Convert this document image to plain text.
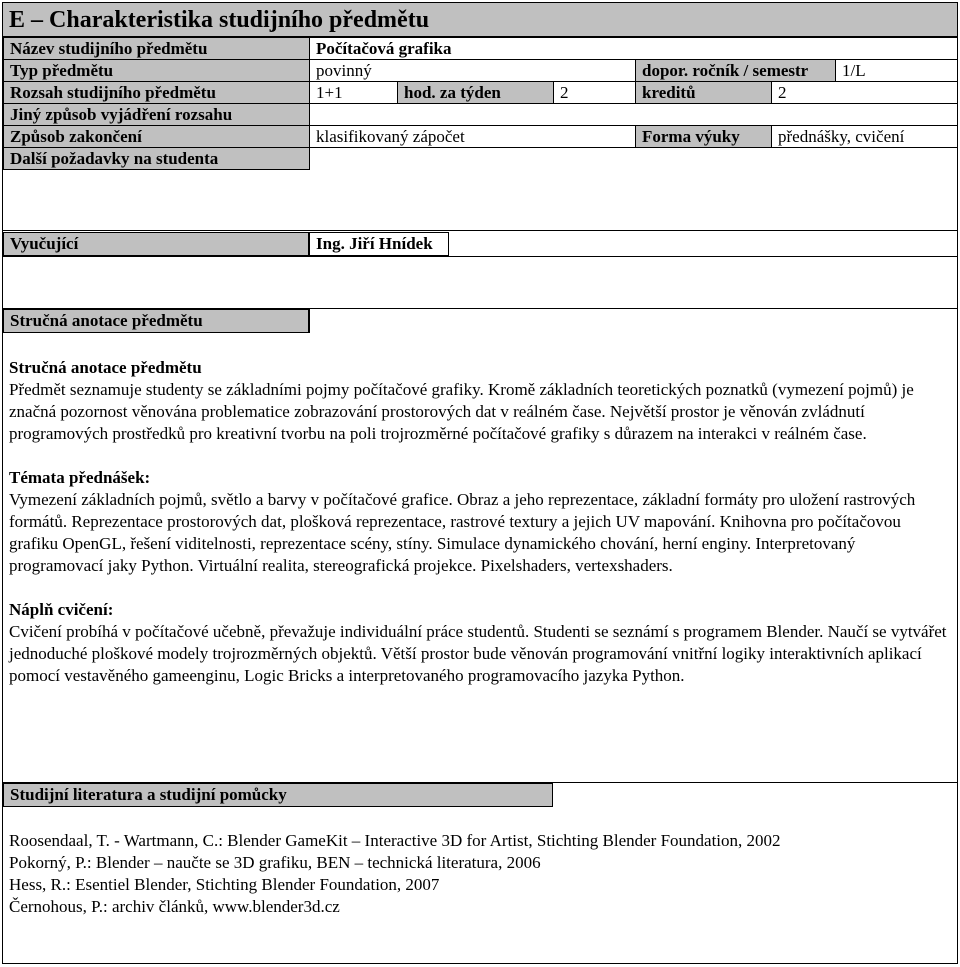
E – Charakteristika studijního předmětu
Název studijního předmětu	Počítačová grafika					
Typ předmětu	povinný			dopor. ročník / semestr		1/L
Rozsah studijního předmětu	1+1	hod. za týden	2	kreditů	2	
Jiný způsob vyjádření rozsahu						
Způsob zakončení	klasifikovaný zápočet			Forma výuky	přednášky, cvičení	
Další požadavky na studenta						
Vyučující	Ing. Jiří Hnídek
Stručná anotace předmětu

Stručná anotace předmětu

Předmět seznamuje studenty se základními pojmy počítačové grafiky. Kromě základních teoretických poznatků (vymezení pojmů) je značná pozornost věnována problematice zobrazování prostorových dat v reálném čase. Největší prostor je věnován zvládnutí programových prostředků pro kreativní tvorbu na poli trojrozměrné počítačové grafiky s důrazem na interakci v reálném čase.

Témata přednášek:

Vymezení základních pojmů, světlo a barvy v počítačové grafice. Obraz a jeho reprezentace, základní formáty pro uložení rastrových formátů. Reprezentace prostorových dat, plošková reprezentace, rastrové textury a jejich UV mapování. Knihovna pro počítačovou grafiku OpenGL, řešení viditelnosti, reprezentace scény, stíny. Simulace dynamického chování, herní enginy. Interpretovaný programovací jaky Python. Virtuální realita, stereografická projekce. Pixelshaders, vertexshaders.

Náplň cvičení:

Cvičení probíhá v počítačové učebně, převažuje individuální práce studentů. Studenti se seznámí s programem Blender. Naučí se vytvářet jednoduché ploškové modely trojrozměrných objektů. Větší prostor bude věnován programování vnitřní logiky interaktivních aplikací pomocí vestavěného gameenginu, Logic Bricks a interpretovaného programovacího jazyka Python.

Studijní literatura a studijní pomůcky

Roosendaal, T. - Wartmann, C.: Blender GameKit – Interactive 3D for Artist, Stichting Blender Foundation, 2002

Pokorný, P.: Blender – naučte se 3D grafiku, BEN – technická literatura, 2006

Hess, R.: Esentiel Blender, Stichting Blender Foundation, 2007

Černohous, P.: archiv článků, www.blender3d.cz
